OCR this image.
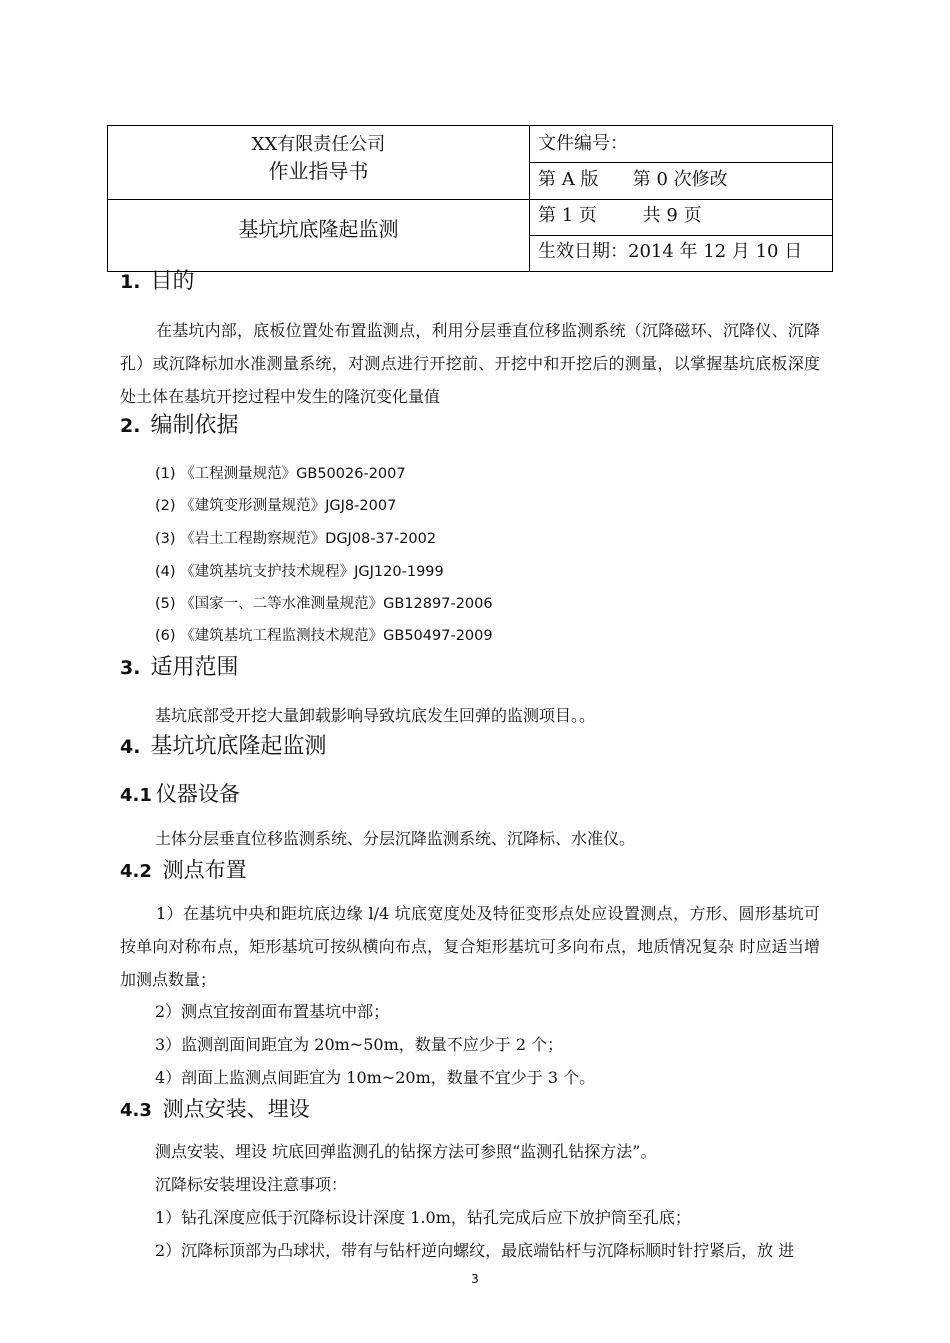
XX有限责任公司
作业指导书
基坑坑底隆起监测
文件编号：
第 A 版      第 0 次修改
第 1 页        共 9 页
生效日期：2014 年 12 月 10 日
1. 目的
在基坑内部，底板位置处布置监测点，利用分层垂直位移监测系统（沉降磁环、沉降仪、沉降孔）或沉降标加水准测量系统，对测点进行开挖前、开挖中和开挖后的测量，以掌握基坑底板深度处土体在基坑开挖过程中发生的隆沉变化量值
2. 编制依据
(1) 《工程测量规范》GB50026-2007
(2) 《建筑变形测量规范》JGJ8-2007
(3) 《岩土工程勘察规范》DGJ08-37-2002
(4) 《建筑基坑支护技术规程》JGJ120-1999
(5) 《国家一、二等水准测量规范》GB12897-2006
(6) 《建筑基坑工程监测技术规范》GB50497-2009
3. 适用范围
基坑底部受开挖大量卸载影响导致坑底发生回弹的监测项目。。
4. 基坑坑底隆起监测
4.1 仪器设备
土体分层垂直位移监测系统、分层沉降监测系统、沉降标、水准仪。
4.2 测点布置
1）在基坑中央和距坑底边缘 l/4 坑底宽度处及特征变形点处应设置测点，方形、圆形基坑可按单向对称布点，矩形基坑可按纵横向布点，复合矩形基坑可多向布点，地质情况复杂 时应适当增加测点数量；
2）测点宜按剖面布置基坑中部；
3）监测剖面间距宜为 20m~50m，数量不应少于 2 个；
4）剖面上监测点间距宜为 10m~20m，数量不宜少于 3 个。
4.3 测点安装、埋设
测点安装、埋设 坑底回弹监测孔的钻探方法可参照“监测孔钻探方法”。
沉降标安装埋设注意事项：
1）钻孔深度应低于沉降标设计深度 1.0m，钻孔完成后应下放护筒至孔底；
2）沉降标顶部为凸球状，带有与钻杆逆向螺纹，最底端钻杆与沉降标顺时针拧紧后，放 进
3
